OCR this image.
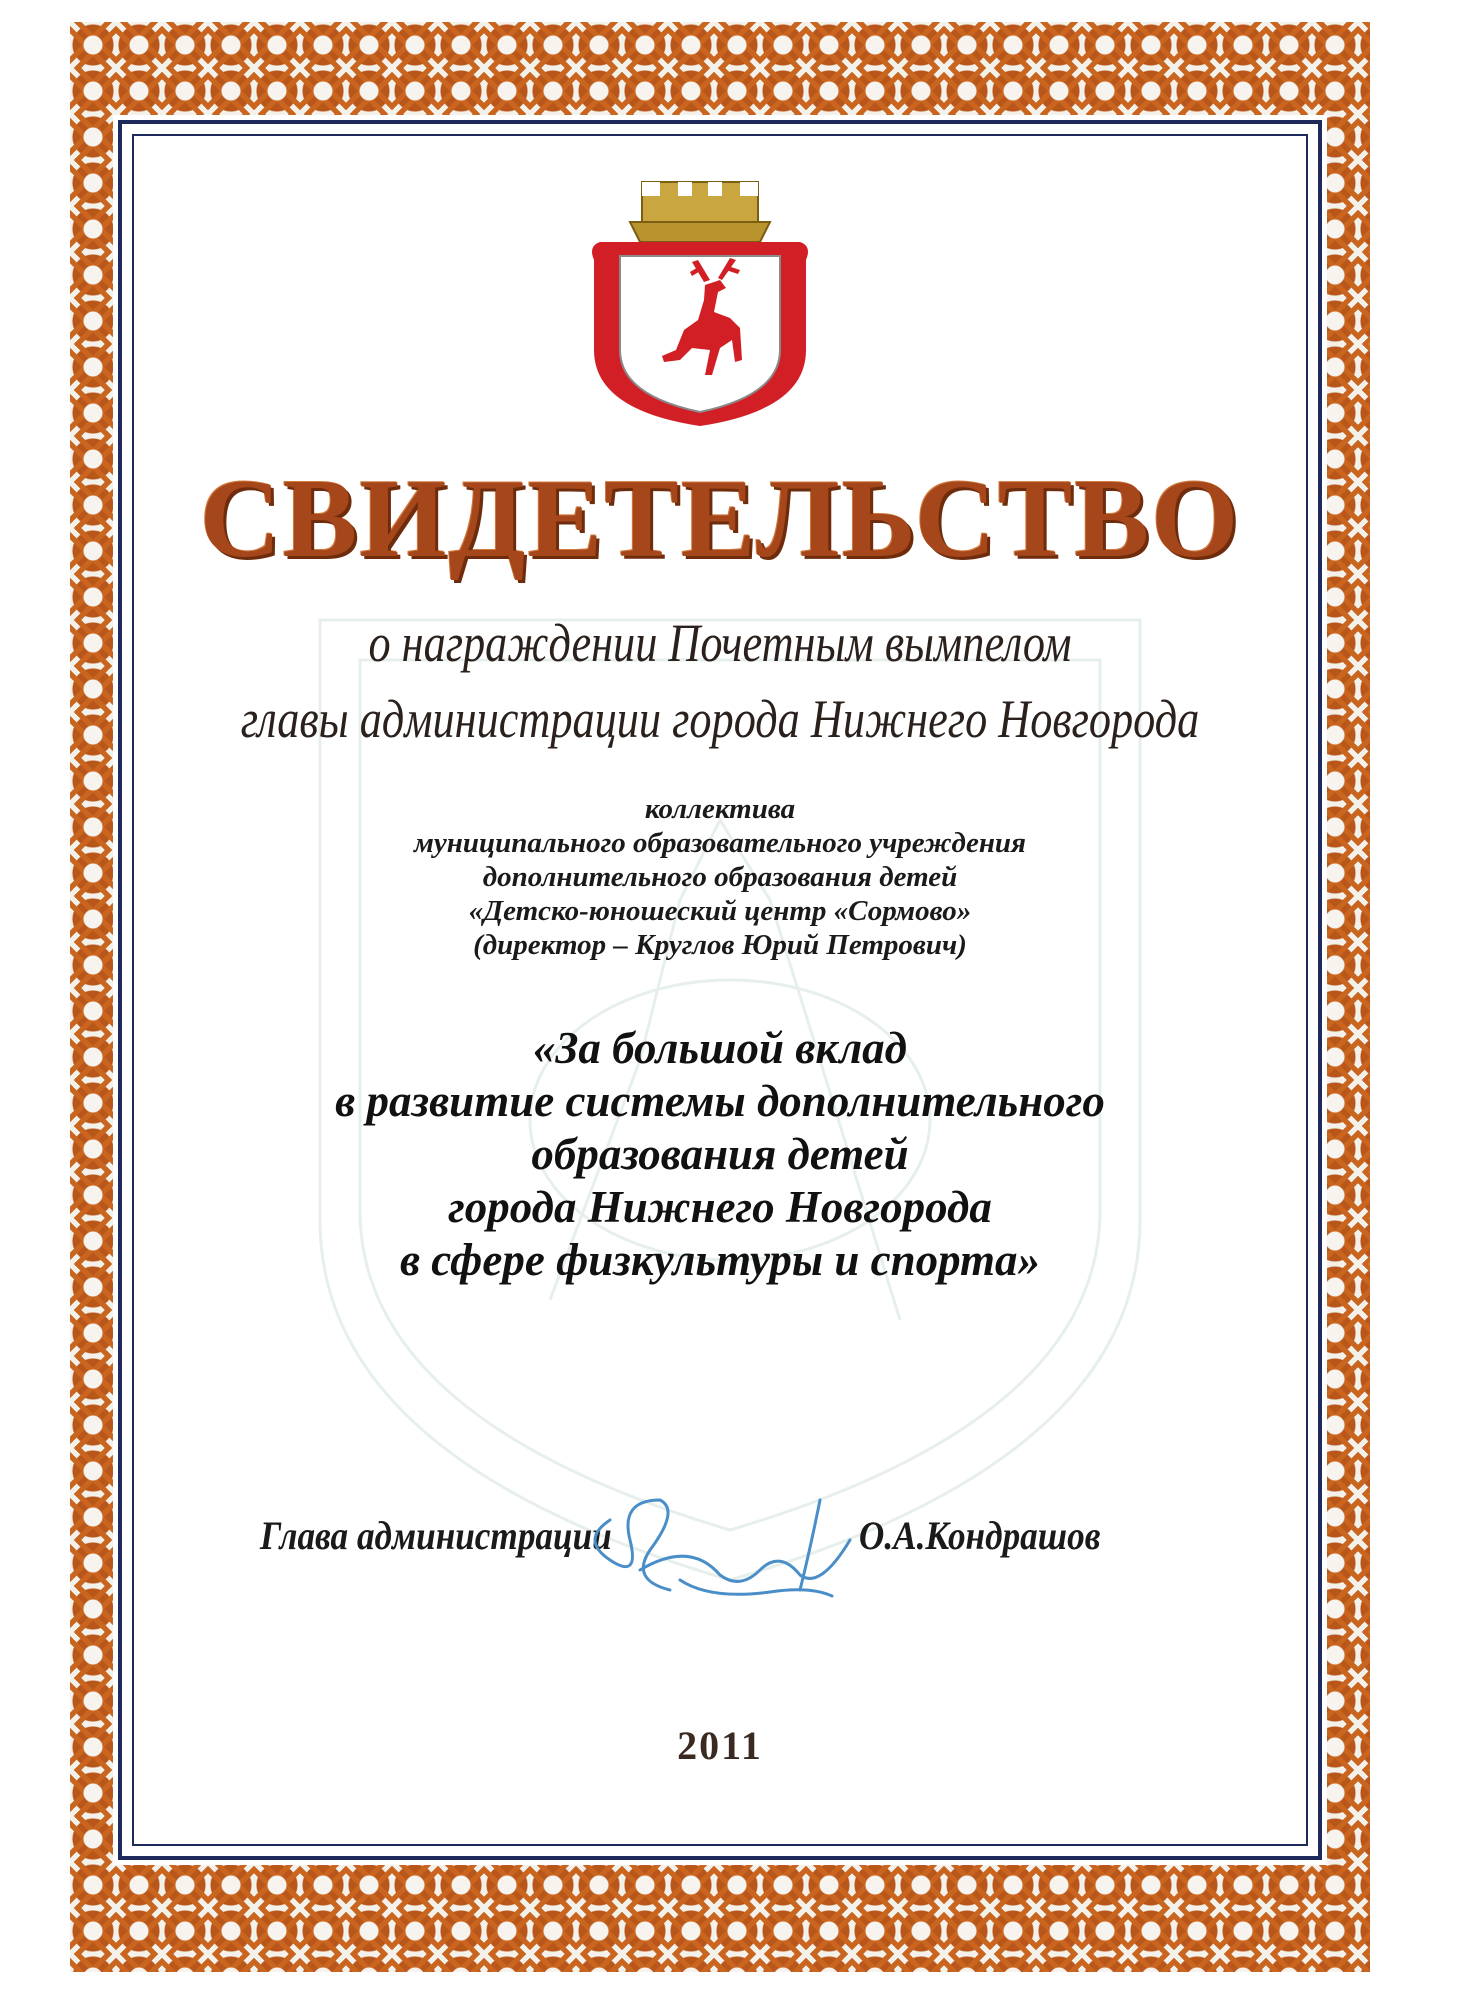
СВИДЕТЕЛЬСТВО

о награждении Почетным вымпелом

главы администрации города Нижнего Новгорода

коллектива
муниципального образовательного учреждения
дополнительного образования детей
«Детско-юношеский центр «Сормово»
(директор – Круглов Юрий Петрович)
«За большой вклад
в развитие системы дополнительного
образования детей
города Нижнего Новгорода
в сфере физкультуры и спорта»
Глава администрации	О.А.Кондрашов

2011
